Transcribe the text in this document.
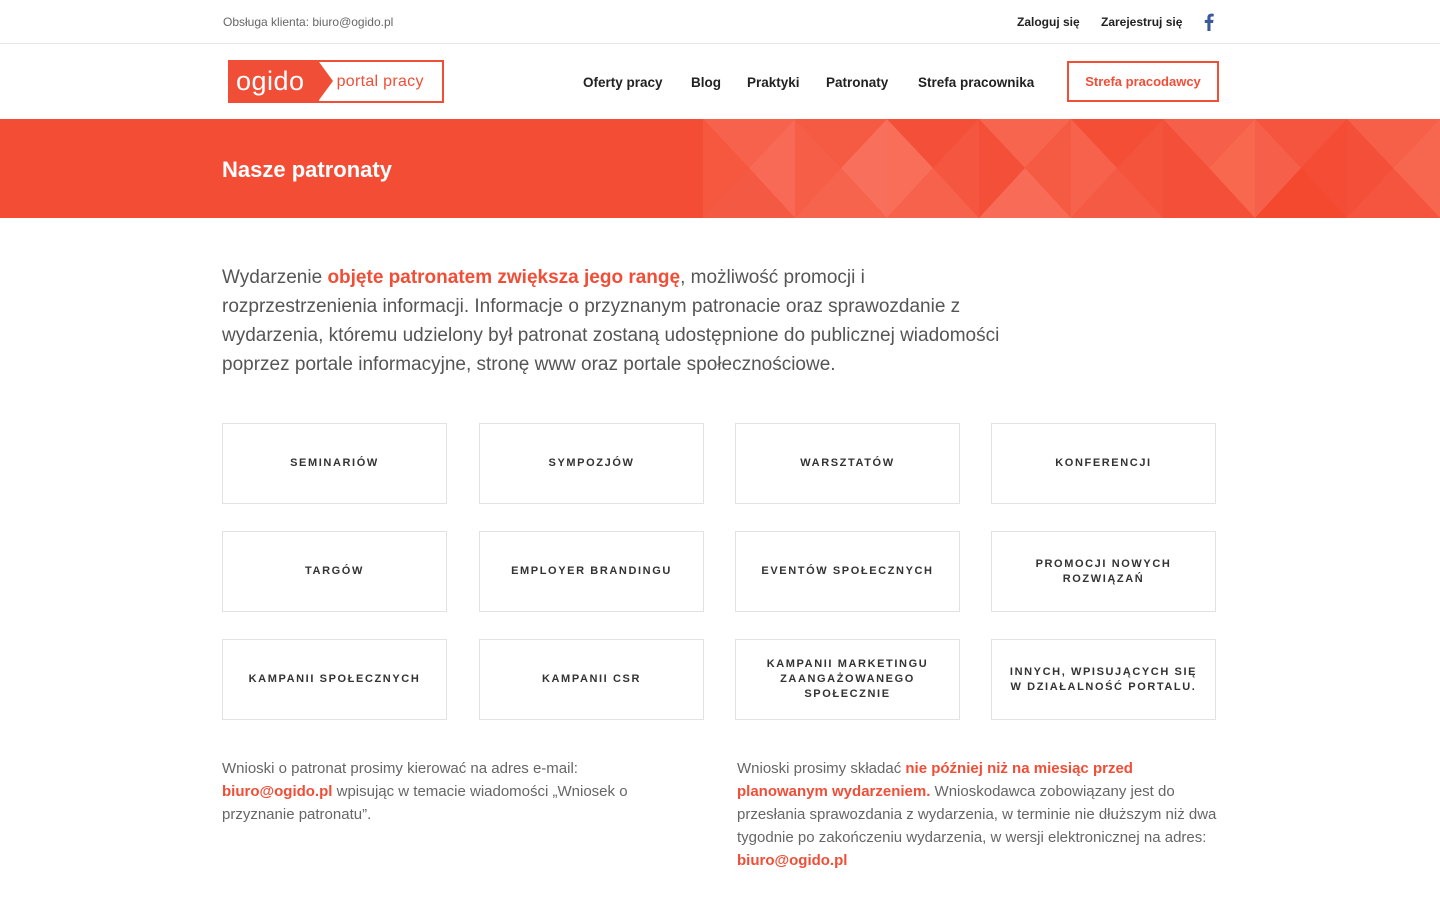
Obsługa klienta: biuro@ogido.pl	Zaloguj się Zarejestruj się
ogido	portal pracy	Oferty pracy Blog Praktyki Patronaty Strefa pracownika	Strefa pracodawcy
Nasze patronaty

Wydarzenie objęte patronatem zwiększa jego rangę, możliwość promocji i rozprzestrzenienia informacji. Informacje o przyznanym patronacie oraz sprawozdanie z wydarzenia, któremu udzielony był patronat zostaną udostępnione do publicznej wiadomości poprzez portale informacyjne, stronę www oraz portale społecznościowe.

SEMINARIÓW	SYMPOZJÓW	WARSZTATÓW	KONFERENCJI
TARGÓW	EMPLOYER BRANDINGU	EVENTÓW SPOŁECZNYCH
PROMOCJI NOWYCH ROZWIĄZAŃ
KAMPANII SPOŁECZNYCH	KAMPANII CSR
KAMPANII MARKETINGU ZAANGAŻOWANEGO SPOŁECZNIE
INNYCH, WPISUJĄCYCH SIĘ W DZIAŁALNOŚĆ PORTALU.

Wnioski o patronat prosimy kierować na adres e-mail: biuro@ogido.pl wpisując w temacie wiadomości „Wniosek o przyznanie patronatu”.

Wnioski prosimy składać nie później niż na miesiąc przed planowanym wydarzeniem. Wnioskodawca zobowiązany jest do przesłania sprawozdania z wydarzenia, w terminie nie dłuższym niż dwa tygodnie po zakończeniu wydarzenia, w wersji elektronicznej na adres: biuro@ogido.pl
